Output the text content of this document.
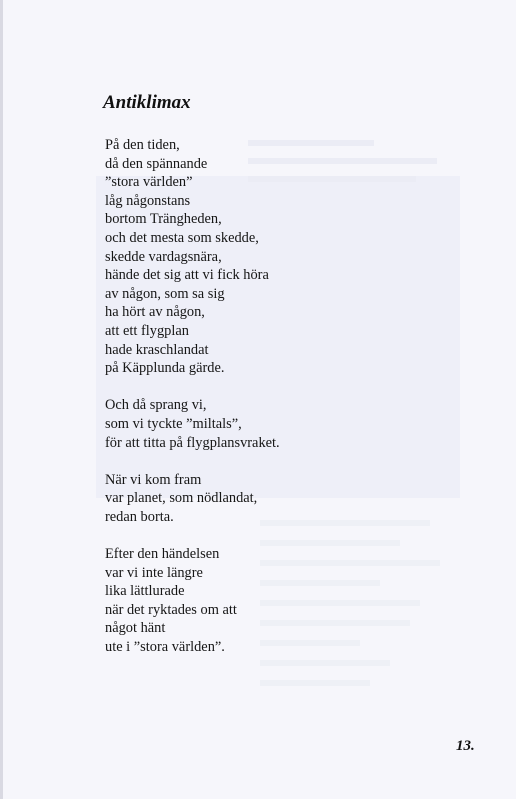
Antiklimax
På den tiden,
då den spännande
”stora världen”
låg någonstans
bortom Trängheden,
och det mesta som skedde,
skedde vardagsnära,
hände det sig att vi fick höra
av någon, som sa sig
ha hört av någon,
att ett flygplan
hade kraschlandat
på Käpplunda gärde.
Och då sprang vi,
som vi tyckte ”miltals”,
för att titta på flygplansvraket.
När vi kom fram
var planet, som nödlandat,
redan borta.
Efter den händelsen
var vi inte längre
lika lättlurade
när det ryktades om att
något hänt
ute i ”stora världen”.
13.
